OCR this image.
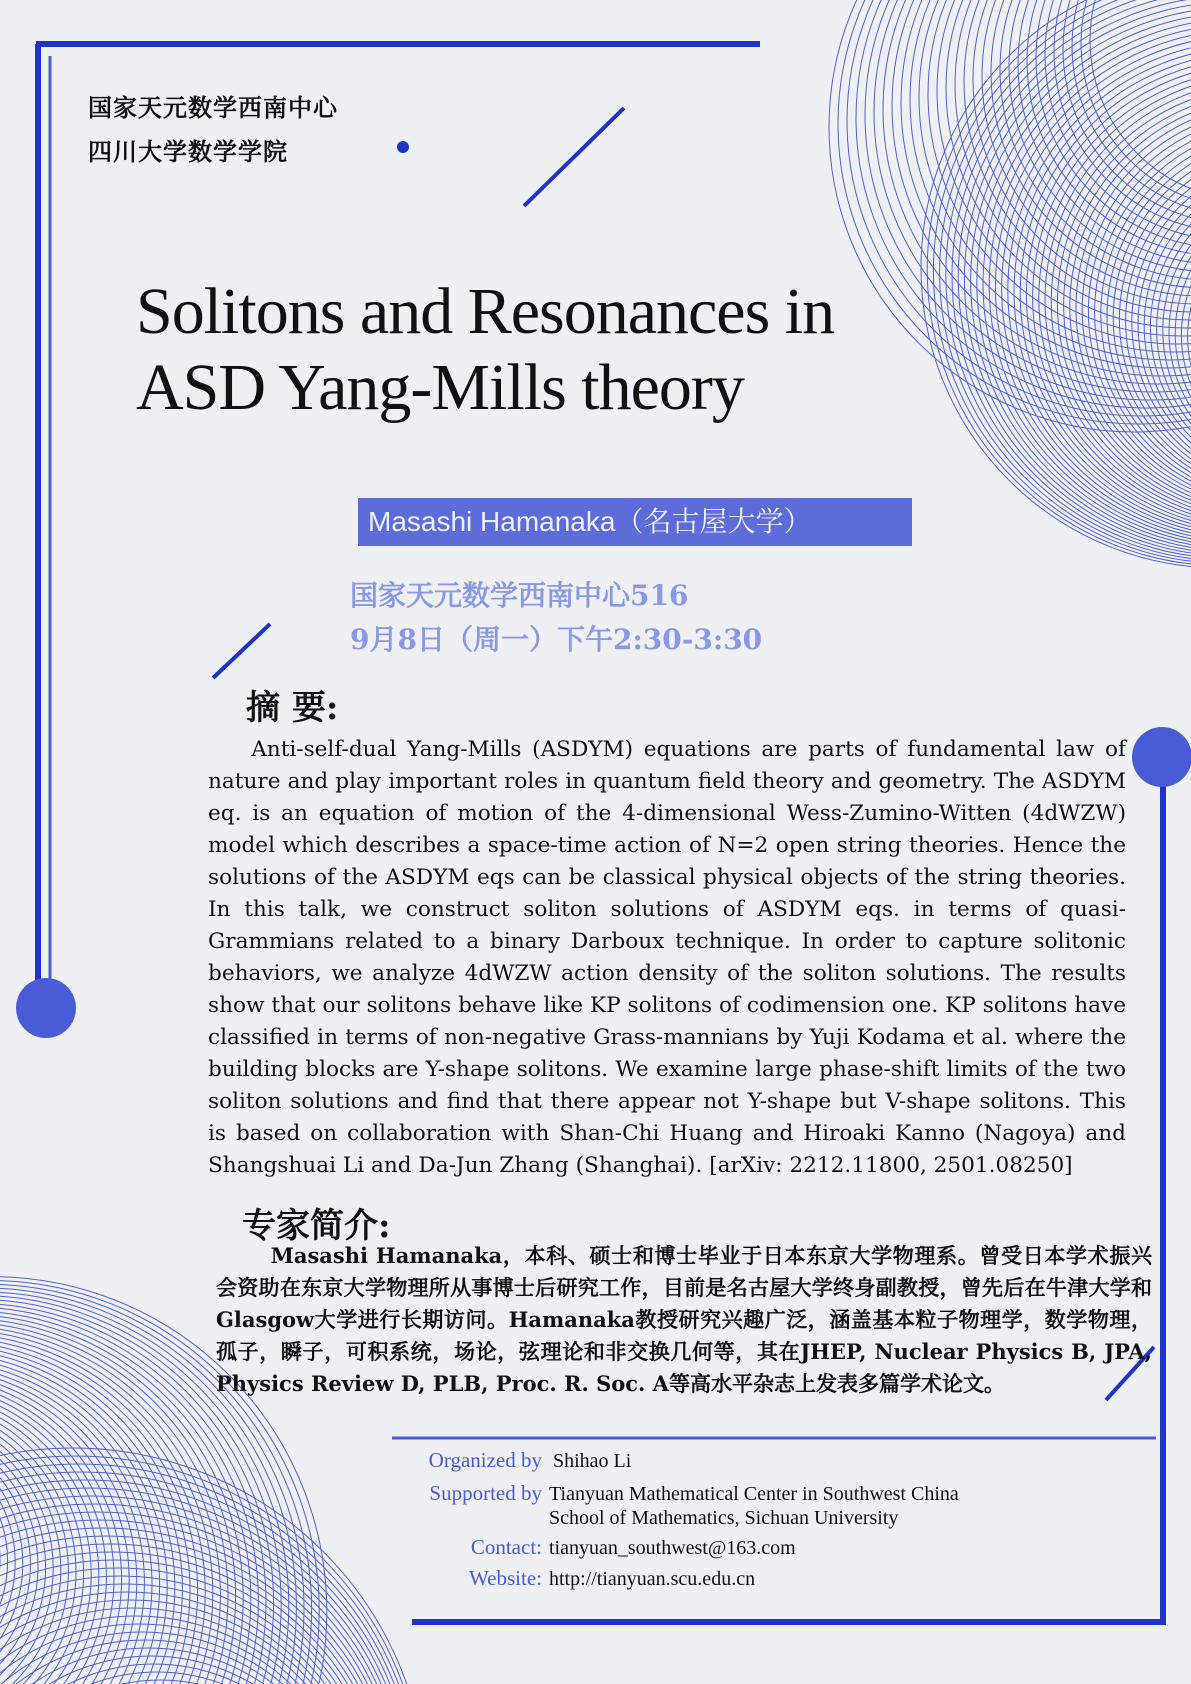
国家天元数学西南中心
四川大学数学学院
Solitons and Resonances in
ASD Yang-Mills theory
Masashi Hamanaka（名古屋大学）
国家天元数学西南中心516
9月8日（周一）下午2:30-3:30
摘 要:
Anti-self-dual Yang-Mills (ASDYM) equations are parts of fundamental law of nature and play important roles in quantum field theory and geometry. The ASDYM eq. is an equation of motion of the 4-dimensional Wess-Zumino-Witten (4dWZW) model which describes a space-time action of N=2 open string theories. Hence the solutions of the ASDYM eqs can be classical physical objects of the string theories. In this talk, we construct soliton solutions of ASDYM eqs. in terms of quasi-Grammians related to a binary Darboux technique. In order to capture solitonic behaviors, we analyze 4dWZW action density of the soliton solutions. The results show that our solitons behave like KP solitons of codimension one. KP solitons have classified in terms of non-negative Grass-mannians by Yuji Kodama et al. where the building blocks are Y-shape solitons. We examine large phase-shift limits of the two soliton solutions and find that there appear not Y-shape but V-shape solitons. This is based on collaboration with Shan-Chi Huang and Hiroaki Kanno (Nagoya) and Shangshuai Li and Da-Jun Zhang (Shanghai). [arXiv: 2212.11800, 2501.08250]
专家简介:
Masashi Hamanaka，本科、硕士和博士毕业于日本东京大学物理系。曾受日本学术振兴会资助在东京大学物理所从事博士后研究工作，目前是名古屋大学终身副教授，曾先后在牛津大学和Glasgow大学进行长期访问。Hamanaka教授研究兴趣广泛，涵盖基本粒子物理学，数学物理，孤子，瞬子，可积系统，场论，弦理论和非交换几何等，其在JHEP, Nuclear Physics B, JPA, Physics Review D, PLB, Proc. R. Soc. A等高水平杂志上发表多篇学术论文。
Organized by Shihao Li
Supported by Tianyuan Mathematical Center in Southwest China
School of Mathematics, Sichuan University
Contact: tianyuan_southwest@163.com
Website: http://tianyuan.scu.edu.cn
